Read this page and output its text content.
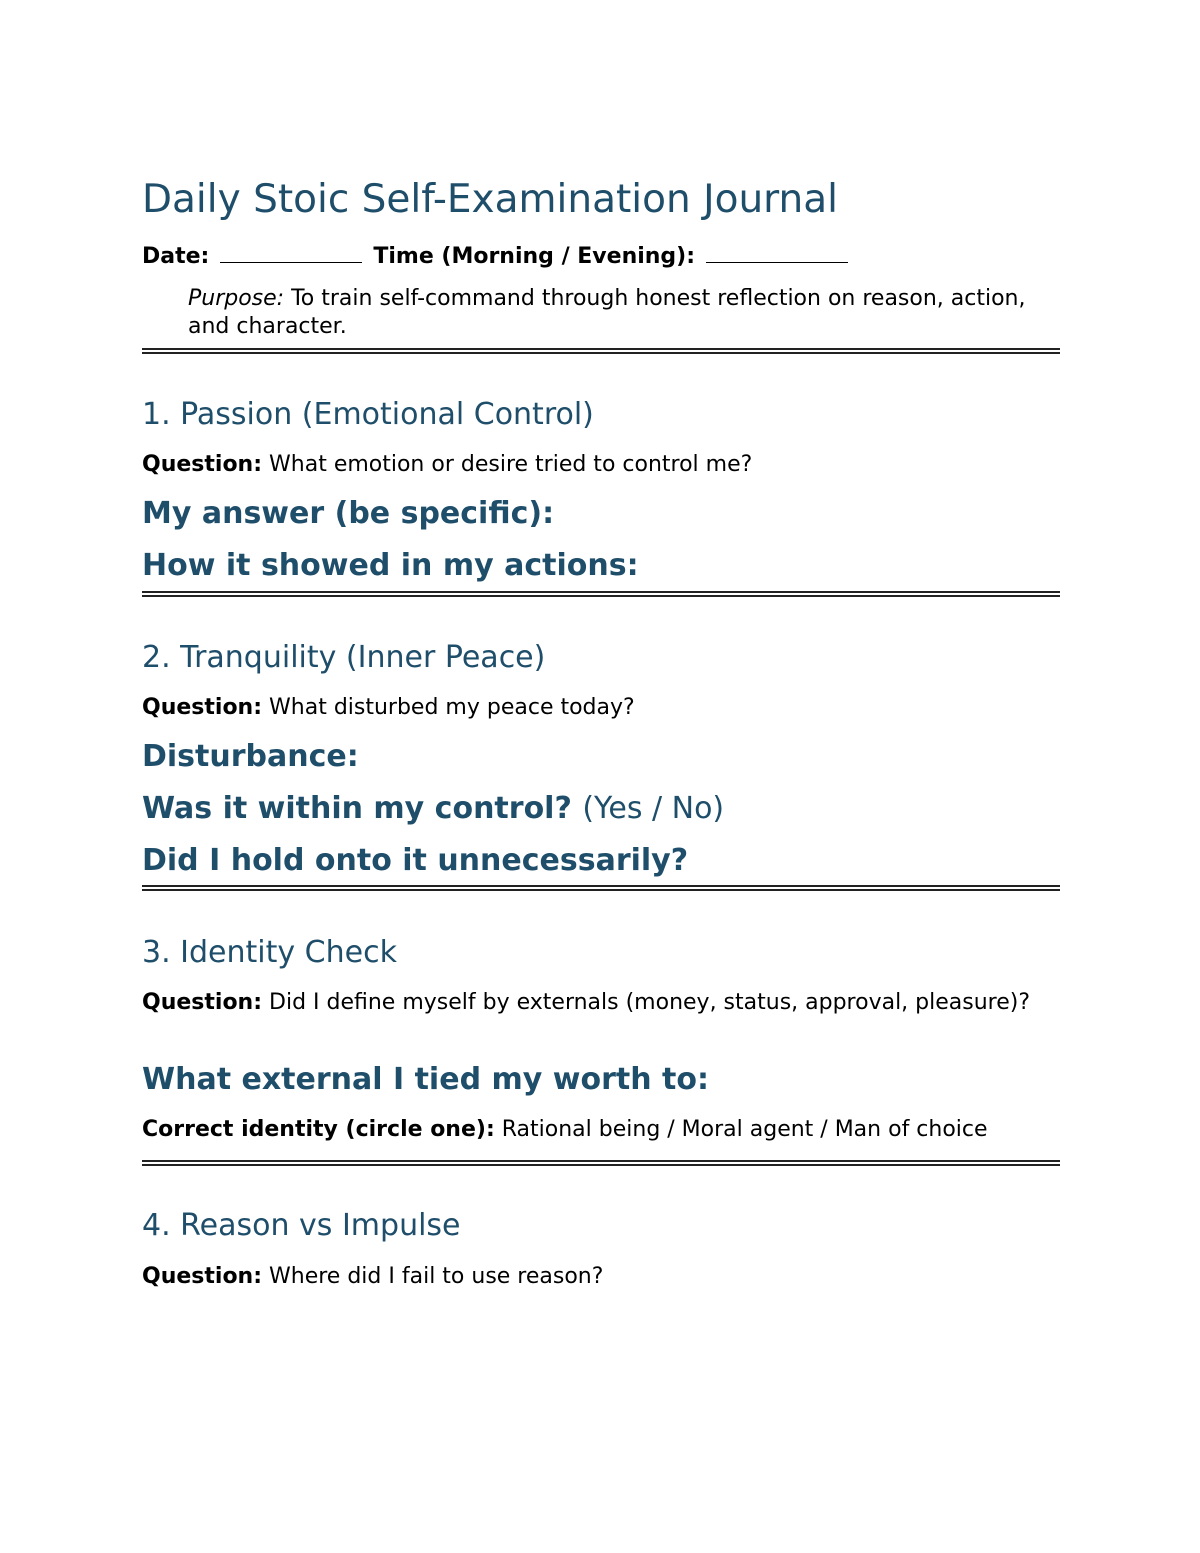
Daily Stoic Self-Examination Journal
Date:	Time (Morning / Evening):
Purpose: To train self-command through honest reflection on reason, action, and character.
1. Passion (Emotional Control)
Question: What emotion or desire tried to control me?
My answer (be specific):
How it showed in my actions:
2. Tranquility (Inner Peace)
Question: What disturbed my peace today?
Disturbance:
Was it within my control? (Yes / No)
Did I hold onto it unnecessarily?
3. Identity Check
Question: Did I define myself by externals (money, status, approval, pleasure)?
What external I tied my worth to:
Correct identity (circle one): Rational being / Moral agent / Man of choice
4. Reason vs Impulse
Question: Where did I fail to use reason?
